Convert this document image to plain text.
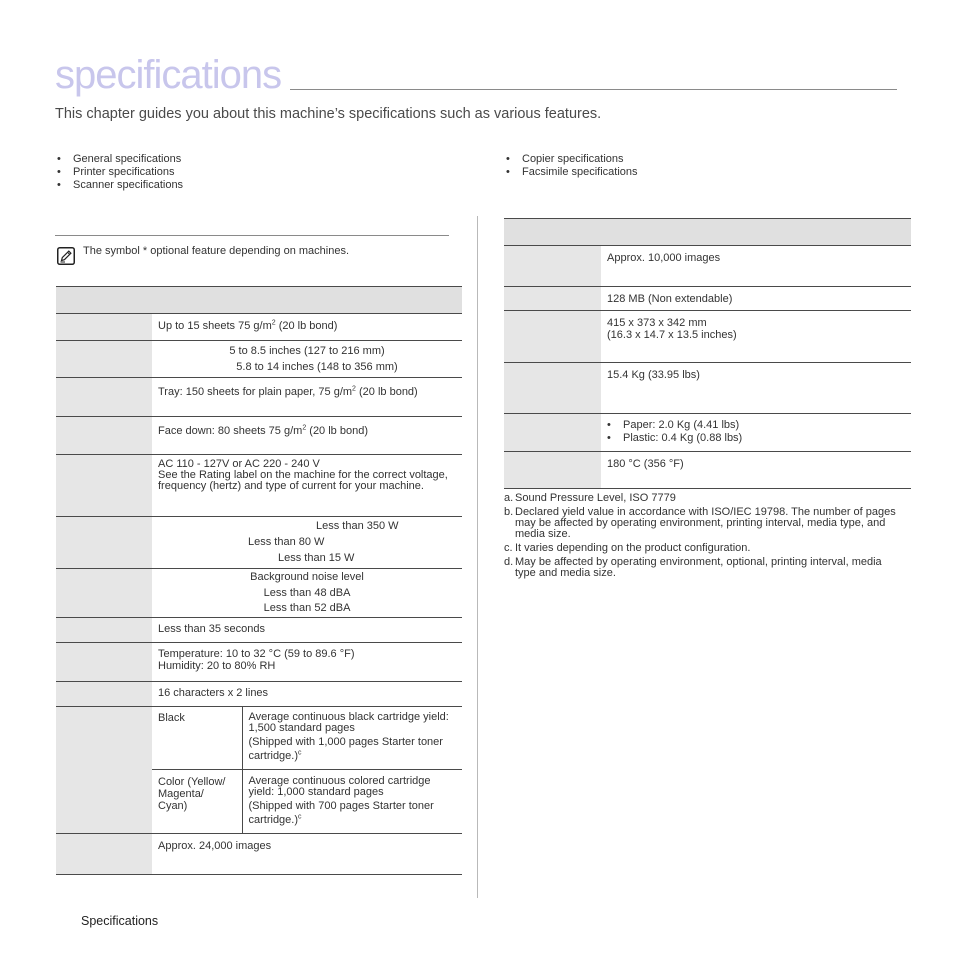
specifications
This chapter guides you about this machine’s specifications such as various features.
• General specifications
• Printer specifications
• Scanner specifications
• Copier specifications
• Facsimile specifications
The symbol * optional feature depending on machines.

	Up to 15 sheets 75 $g/m^2$ (20 lb bond)	

	5 to 8.5 inches (127 to 216 mm)
5.8 to 14 inches (148 to 356 mm)	

	Tray: 150 sheets for plain paper, 75 $g/m^2$ (20 lb bond)	
	Face down: 80 sheets 75 $g/m^2$ (20 lb bond)	

	AC 110 - 127V or AC 220 - 240 V
See the Rating label on the machine for the correct voltage, frequency (hertz) and type of current for your machine.	

	Less than 350 W
Less than 80 W
Less than 15 W	

	Background noise level
Less than 48 dBA
Less than 52 dBA	

	Less than 35 seconds	

	Temperature: 10 to 32 °C (59 to 89.6 °F)
Humidity: 20 to 80% RH	

	16 characters x 2 lines	
	Black	Average continuous black cartridge yield: 1,500 standard pages
(Shipped with 1,000 pages Starter toner cartridge.)$^c$

	Color (Yellow/ Magenta/ Cyan)	Average continuous colored cartridge yield: 1,000 standard pages
(Shipped with 700 pages Starter toner cartridge.)$^c$

	Approx. 24,000 images	

	Approx. 10,000 images
	128 MB (Non extendable)

	415 x 373 x 342 mm
(16.3 x 14.7 x 13.5 inches)

	15.4 Kg (33.95 lbs)

	• Paper: 2.0 Kg (4.41 lbs)
• Plastic: 0.4 Kg (0.88 lbs)

	180 °C (356 °F)
a. Sound Pressure Level, ISO 7779
b. Declared yield value in accordance with ISO/IEC 19798. The number of pages may be affected by operating environment, printing interval, media type, and media size.
c. It varies depending on the product configuration.
d. May be affected by operating environment, optional, printing interval, media type and media size.
Specifications
